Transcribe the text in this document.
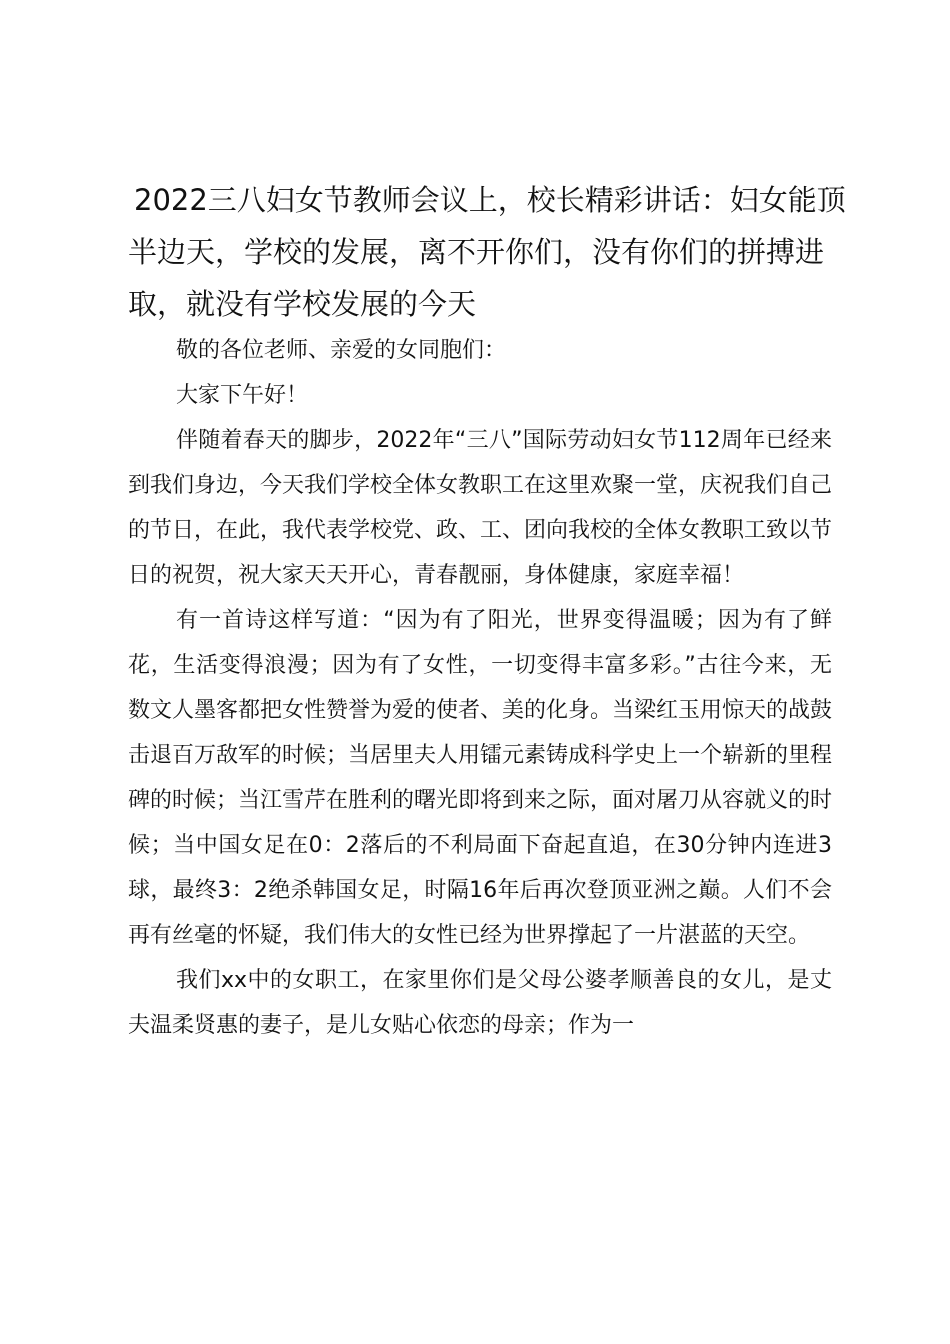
2022三八妇女节教师会议上，校长精彩讲话：妇女能顶半边天，学校的发展，离不开你们，没有你们的拼搏进取，就没有学校发展的今天

敬的各位老师、亲爱的女同胞们：

大家下午好！

伴随着春天的脚步，2022年“三八”国际劳动妇女节112周年已经来到我们身边，今天我们学校全体女教职工在这里欢聚一堂，庆祝我们自己的节日，在此，我代表学校党、政、工、团向我校的全体女教职工致以节日的祝贺，祝大家天天开心，青春靓丽，身体健康，家庭幸福！

有一首诗这样写道：“因为有了阳光，世界变得温暖；因为有了鲜花，生活变得浪漫；因为有了女性，一切变得丰富多彩。”古往今来，无数文人墨客都把女性赞誉为爱的使者、美的化身。当梁红玉用惊天的战鼓击退百万敌军的时候；当居里夫人用镭元素铸成科学史上一个崭新的里程碑的时候；当江雪芹在胜利的曙光即将到来之际，面对屠刀从容就义的时候；当中国女足在0：2落后的不利局面下奋起直追，在30分钟内连进3球，最终3：2绝杀韩国女足，时隔16年后再次登顶亚洲之巅。人们不会再有丝毫的怀疑，我们伟大的女性已经为世界撑起了一片湛蓝的天空。

我们xx中的女职工，在家里你们是父母公婆孝顺善良的女儿，是丈夫温柔贤惠的妻子，是儿女贴心依恋的母亲；作为一
